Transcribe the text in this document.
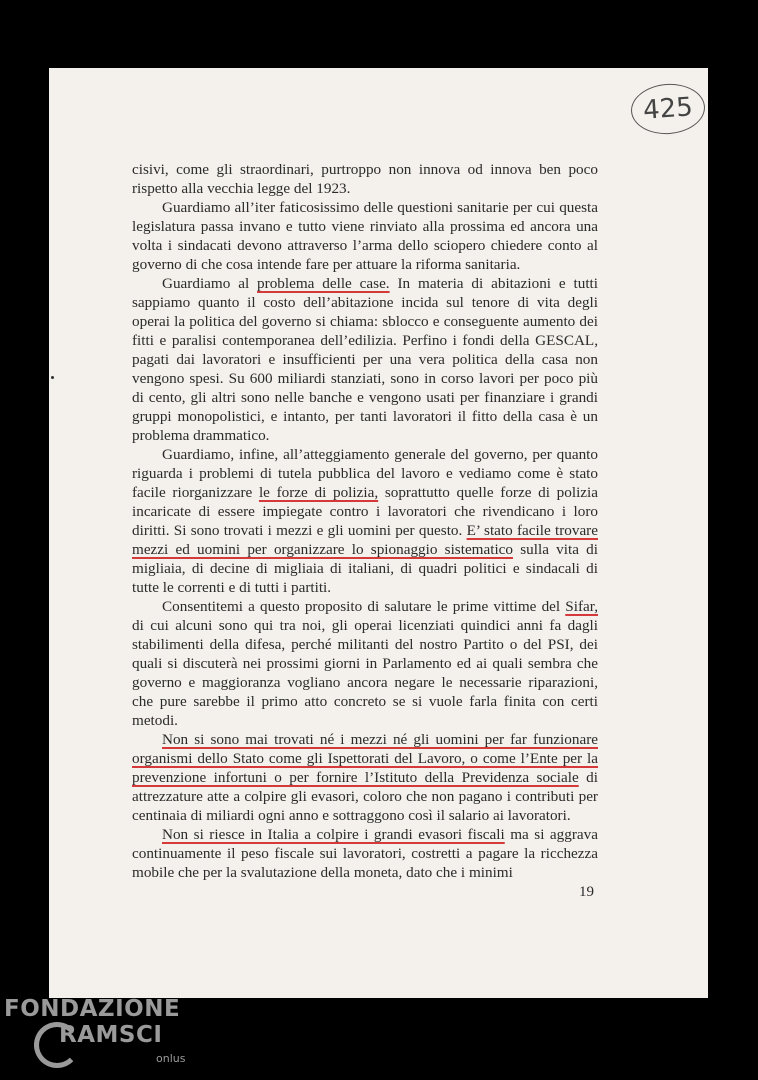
425

cisivi, come gli straordinari, purtroppo non innova od innova ben poco rispetto alla vecchia legge del 1923.

Guardiamo all’iter faticosissimo delle questioni sanitarie per cui questa legislatura passa invano e tutto viene rinviato alla prossima ed ancora una volta i sindacati devono attraverso l’arma dello sciopero chiedere conto al governo di che cosa intende fare per attuare la riforma sanitaria.

Guardiamo al problema delle case. In materia di abitazioni e tutti sappiamo quanto il costo dell’abitazione incida sul tenore di vita degli operai la politica del governo si chiama: sblocco e conseguente aumento dei fitti e paralisi contemporanea dell’edilizia. Perfino i fondi della GESCAL, pagati dai lavoratori e insufficienti per una vera politica della casa non vengono spesi. Su 600 miliardi stanziati, sono in corso lavori per poco più di cento, gli altri sono nelle banche e vengono usati per finanziare i grandi gruppi monopolistici, e intanto, per tanti lavoratori il fitto della casa è un problema drammatico.

Guardiamo, infine, all’atteggiamento generale del governo, per quanto riguarda i problemi di tutela pubblica del lavoro e vediamo come è stato facile riorganizzare le forze di polizia, soprattutto quelle forze di polizia incaricate di essere impiegate contro i lavoratori che rivendicano i loro diritti. Si sono trovati i mezzi e gli uomini per questo. E’ stato facile trovare mezzi ed uomini per organizzare lo spionaggio sistematico sulla vita di migliaia, di decine di migliaia di italiani, di quadri politici e sindacali di tutte le correnti e di tutti i partiti.

Consentitemi a questo proposito di salutare le prime vittime del Sifar, di cui alcuni sono qui tra noi, gli operai licenziati quindici anni fa dagli stabilimenti della difesa, perché militanti del nostro Partito o del PSI, dei quali si discuterà nei prossimi giorni in Parlamento ed ai quali sembra che governo e maggioranza vogliano ancora negare le necessarie riparazioni, che pure sarebbe il primo atto concreto se si vuole farla finita con certi metodi.

Non si sono mai trovati né i mezzi né gli uomini per far funzionare organismi dello Stato come gli Ispettorati del Lavoro, o come l’Ente per la prevenzione infortuni o per fornire l’Istituto della Previdenza sociale di attrezzature atte a colpire gli evasori, coloro che non pagano i contributi per centinaia di miliardi ogni anno e sottraggono così il salario ai lavoratori.

Non si riesce in Italia a colpire i grandi evasori fiscali ma si aggrava continuamente il peso fiscale sui lavoratori, costretti a pagare la ricchezza mobile che per la svalutazione della moneta, dato che i minimi

19
FONDAZIONE
RAMSCI
onlus
